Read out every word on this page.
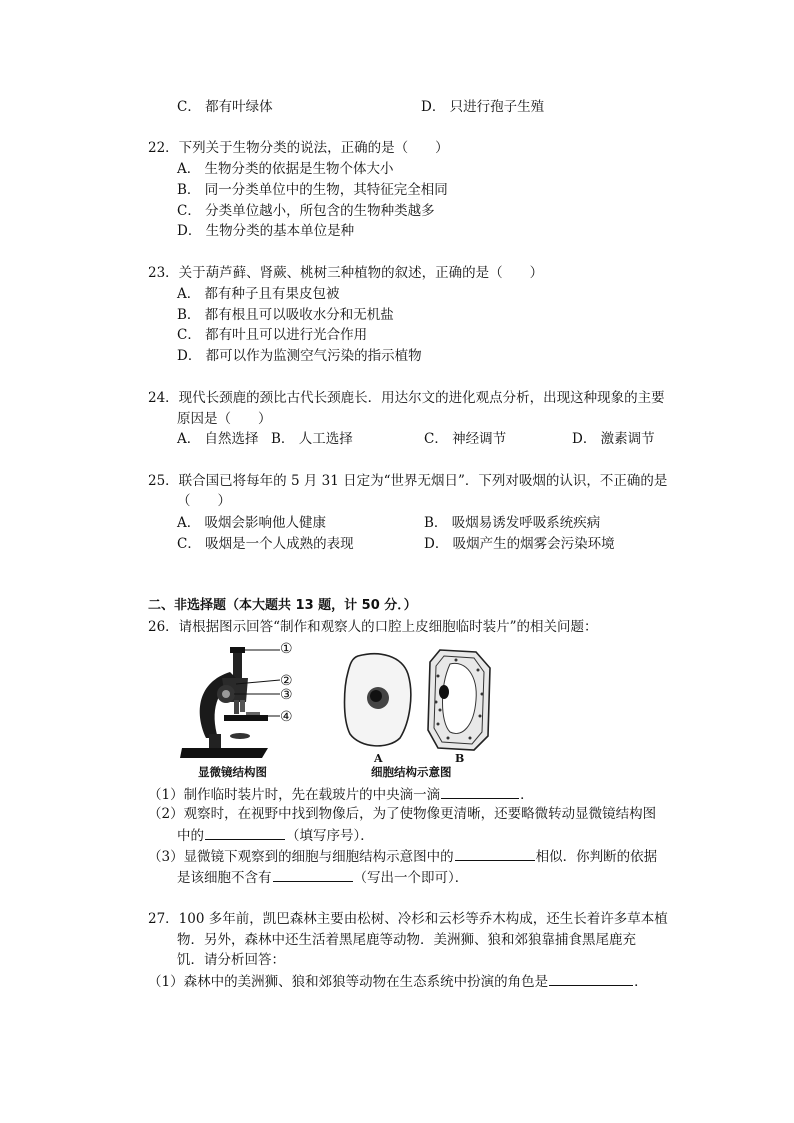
C． 都有叶绿体	D． 只进行孢子生殖
22．下列关于生物分类的说法，正确的是（　　）
A． 生物分类的依据是生物个体大小
B． 同一分类单位中的生物，其特征完全相同
C． 分类单位越小，所包含的生物种类越多
D． 生物分类的基本单位是种
23．关于葫芦藓、肾蕨、桃树三种植物的叙述，正确的是（　　）
A． 都有种子且有果皮包被
B． 都有根且可以吸收水分和无机盐
C． 都有叶且可以进行光合作用
D． 都可以作为监测空气污染的指示植物
24．现代长颈鹿的颈比古代长颈鹿长．用达尔文的进化观点分析，出现这种现象的主要
原因是（　　）
A． 自然选择 B． 人工选择	C． 神经调节	D． 激素调节
25．联合国已将每年的 5 月 31 日定为“世界无烟日”．下列对吸烟的认识，不正确的是
（　　）
A． 吸烟会影响他人健康	B． 吸烟易诱发呼吸系统疾病
C． 吸烟是一个人成熟的表现	D． 吸烟产生的烟雾会污染环境
二、非选择题（本大题共 13 题，计 50 分．）
26．请根据图示回答“制作和观察人的口腔上皮细胞临时装片”的相关问题：
①
②
③
④
显微镜结构图
A	B
细胞结构示意图
（1）制作临时装片时，先在载玻片的中央滴一滴	．
（2）观察时，在视野中找到物像后，为了使物像更清晰，还要略微转动显微镜结构图
中的	（填写序号）．
（3）显微镜下观察到的细胞与细胞结构示意图中的	相似．你判断的依据
是该细胞不含有	（写出一个即可）．
27．100 多年前，凯巴森林主要由松树、冷杉和云杉等乔木构成，还生长着许多草本植
物．另外，森林中还生活着黑尾鹿等动物．美洲狮、狼和郊狼靠捕食黑尾鹿充
饥．请分析回答：
（1）森林中的美洲狮、狼和郊狼等动物在生态系统中扮演的角色是	．
